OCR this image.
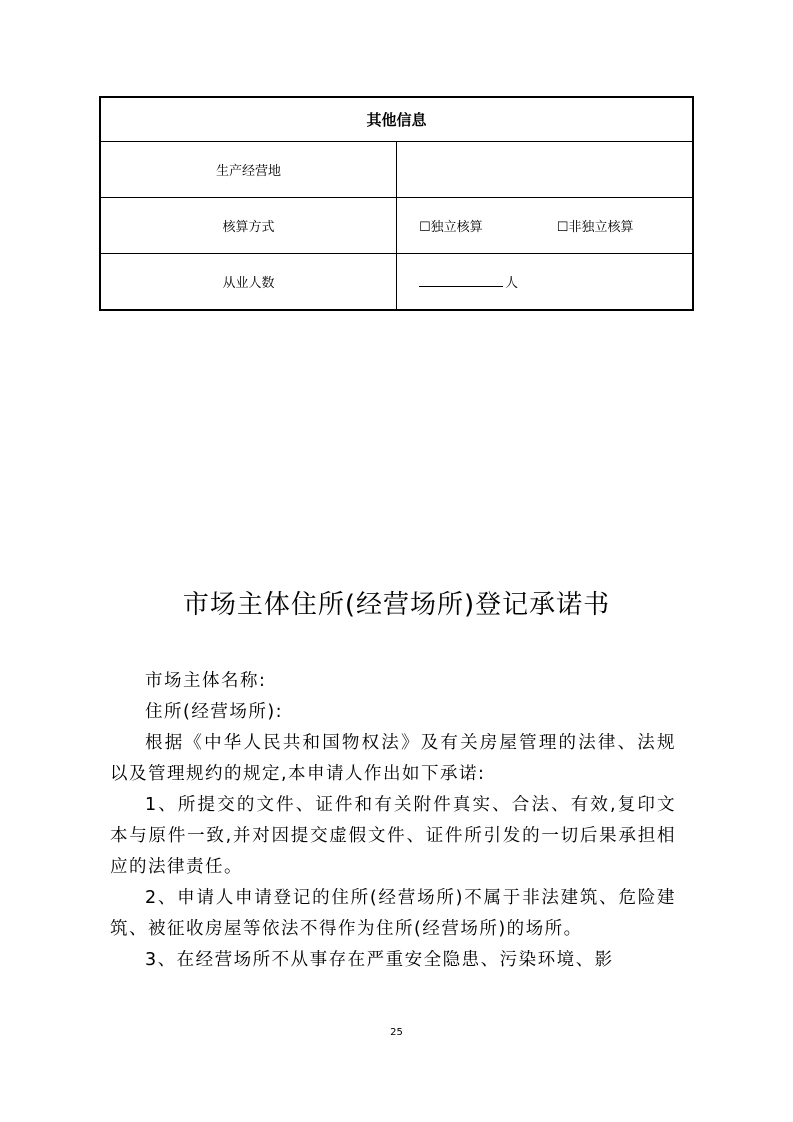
其他信息	
生产经营地	
核算方式	☐独立核算 ☐非独立核算
从业人数	人
市场主体住所(经营场所)登记承诺书

市场主体名称:

住所(经营场所):

根据《中华人民共和国物权法》及有关房屋管理的法律、法规以及管理规约的规定,本申请人作出如下承诺:

1、所提交的文件、证件和有关附件真实、合法、有效,复印文本与原件一致,并对因提交虚假文件、证件所引发的一切后果承担相应的法律责任。

2、申请人申请登记的住所(经营场所)不属于非法建筑、危险建筑、被征收房屋等依法不得作为住所(经营场所)的场所。

3、在经营场所不从事存在严重安全隐患、污染环境、影

25
